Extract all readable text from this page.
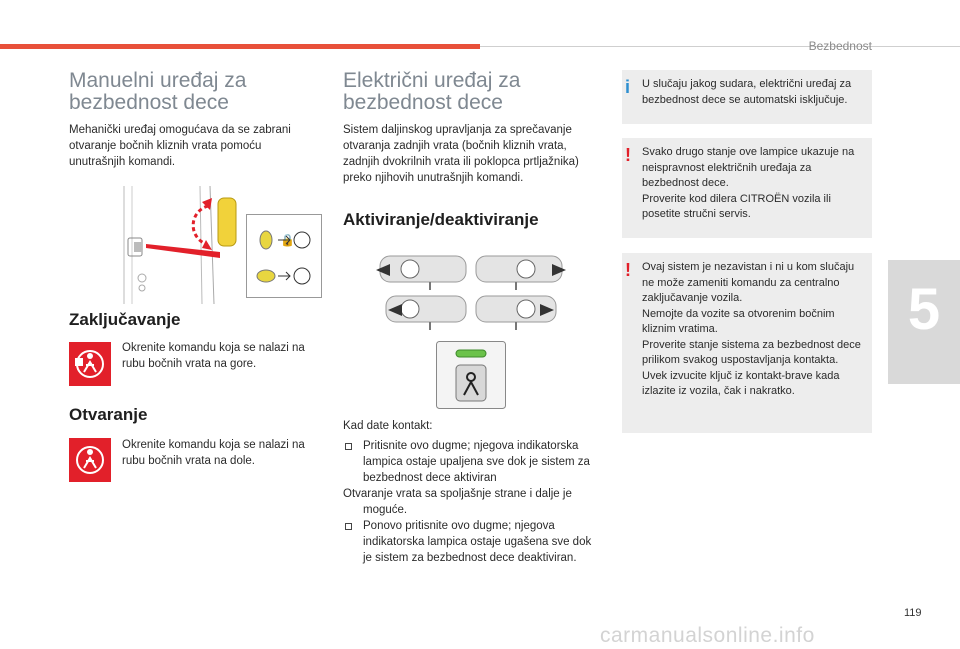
Bezbednost
5
Manuelni uređaj za
bezbednost dece

Mehanički uređaj omogućava da se zabrani otvaranje bočnih kliznih vrata pomoću unutrašnjih komandi.

🔒
Zaključavanje

Okrenite komandu koja se nalazi na rubu bočnih vrata na gore.

Otvaranje

Okrenite komandu koja se nalazi na rubu bočnih vrata na dole.

Električni uređaj za
bezbednost dece

Sistem daljinskog upravljanja za sprečavanje otvaranja zadnjih vrata (bočnih kliznih vrata, zadnjih dvokrilnih vrata ili poklopca prtljažnika) preko njihovih unutrašnjih komandi.

Aktiviranje/deaktiviranje

Kad date kontakt:

Pritisnite ovo dugme; njegova indikatorska lampica ostaje upaljena sve dok je sistem za bezbednost dece aktiviran
Otvaranje vrata sa spoljašnje strane i dalje je moguće.
Ponovo pritisnite ovo dugme; njegova indikatorska lampica ostaje ugašena sve dok je sistem za bezbednost dece deaktiviran.
i U slučaju jakog sudara, električni uređaj za bezbednost dece se automatski isključuje.

! Svako drugo stanje ove lampice ukazuje na neispravnost električnih uređaja za bezbednost dece.

Proverite kod dilera CITROËN vozila ili posetite stručni servis.

! Ovaj sistem je nezavistan i ni u kom slučaju ne može zameniti komandu za centralno zaključavanje vozila.

Nemojte da vozite sa otvorenim bočnim kliznim vratima.

Proverite stanje sistema za bezbednost dece prilikom svakog uspostavljanja kontakta.

Uvek izvucite ključ iz kontakt-brave kada izlazite iz vozila, čak i nakratko.

119
carmanualsonline.info
